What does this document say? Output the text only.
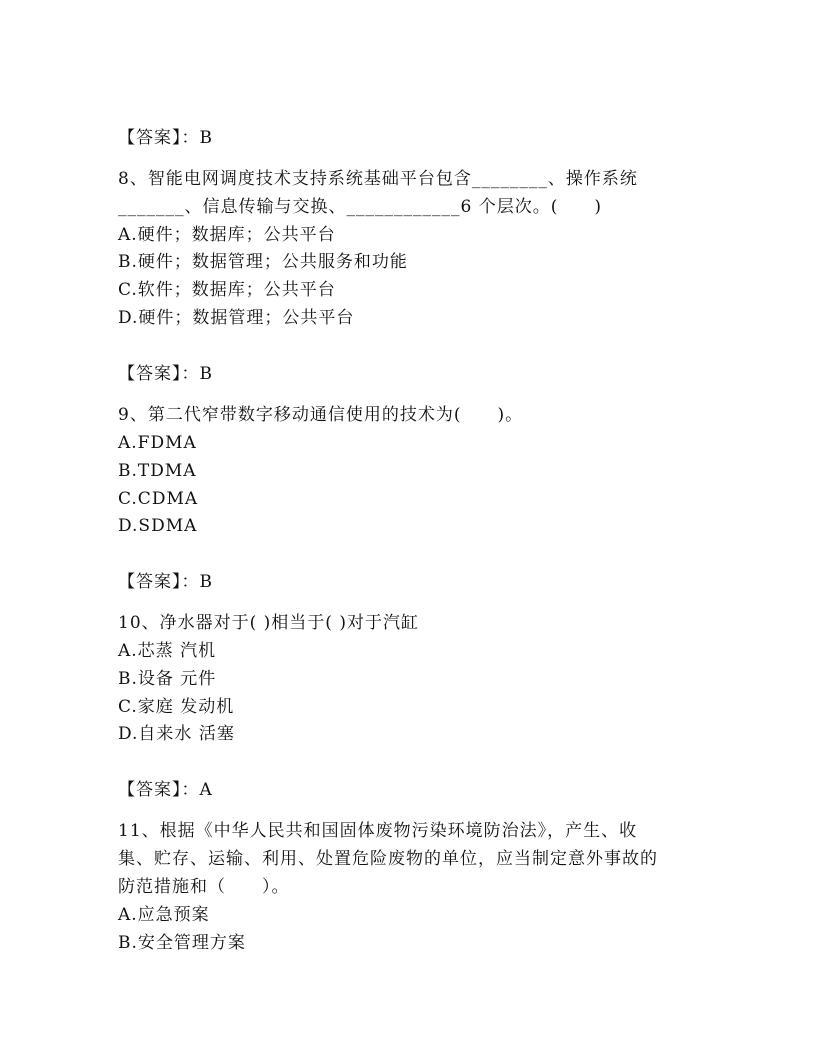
【答案】：B
8、智能电网调度技术支持系统基础平台包含________、操作系统
_______、信息传输与交换、____________6 个层次。(　　)
A.硬件；数据库；公共平台
B.硬件；数据管理；公共服务和功能
C.软件；数据库；公共平台
D.硬件；数据管理；公共平台
【答案】：B
9、第二代窄带数字移动通信使用的技术为(　　)。
A.FDMA
B.TDMA
C.CDMA
D.SDMA
【答案】：B
10、净水器对于( )相当于( )对于汽缸
A.芯蒸 汽机
B.设备 元件
C.家庭 发动机
D.自来水 活塞
【答案】：A
11、根据《中华人民共和国固体废物污染环境防治法》，产生、收
集、贮存、运输、利用、处置危险废物的单位，应当制定意外事故的
防范措施和（　　）。
A.应急预案
B.安全管理方案
